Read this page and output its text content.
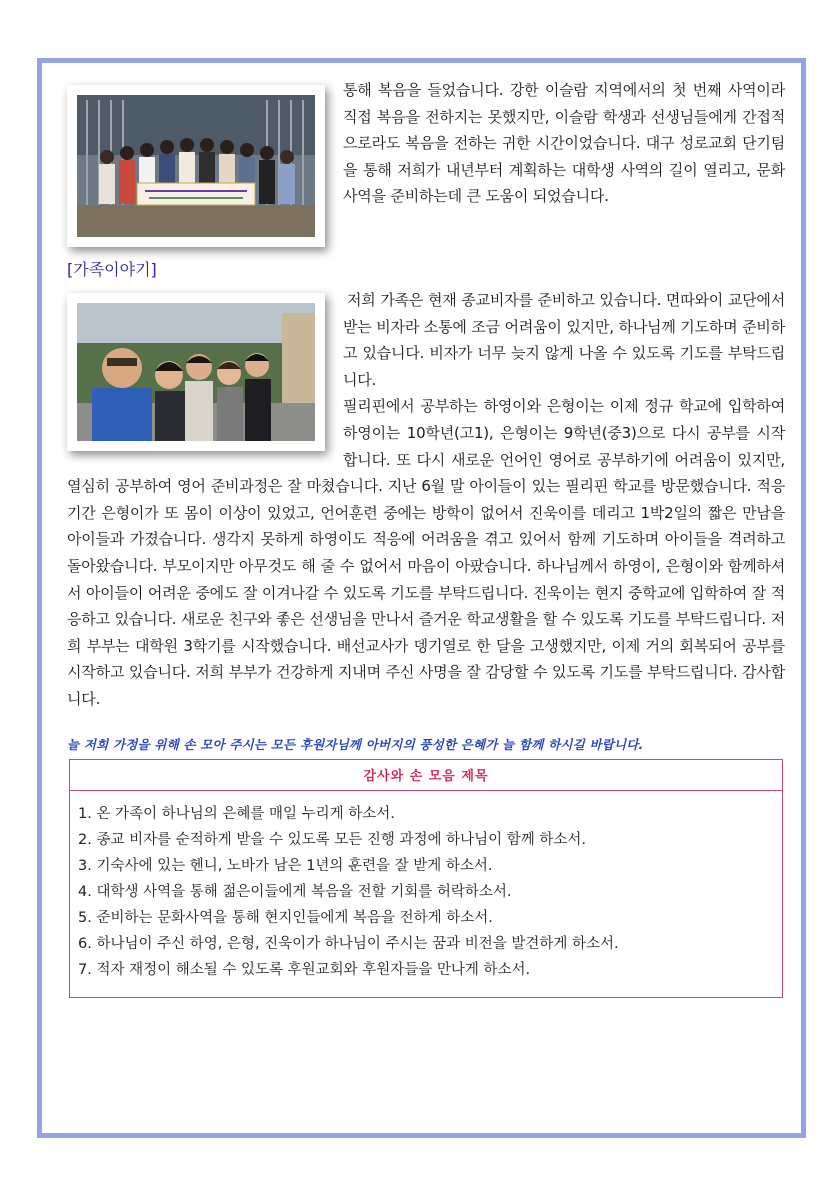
통해 복음을 들었습니다. 강한 이슬람 지역에서의 첫 번째 사역이라 직접 복음을 전하지는 못했지만, 이슬람 학생과 선생님들에게 간접적으로라도 복음을 전하는 귀한 시간이었습니다. 대구 성로교회 단기팀을 통해 저희가 내년부터 계획하는 대학생 사역의 길이 열리고, 문화사역을 준비하는데 큰 도움이 되었습니다.

[가족이야기]

저희 가족은 현재 종교비자를 준비하고 있습니다. 면따와이 교단에서 받는 비자라 소통에 조금 어려움이 있지만, 하나님께 기도하며 준비하고 있습니다. 비자가 너무 늦지 않게 나올 수 있도록 기도를 부탁드립니다.

필리핀에서 공부하는 하영이와 은형이는 이제 정규 학교에 입학하여 하영이는 10학년(고1), 은형이는 9학년(중3)으로 다시 공부를 시작합니다. 또 다시 새로운 언어인 영어로 공부하기에 어려움이 있지만, 열심히 공부하여 영어 준비과정은 잘 마쳤습니다. 지난 6월 말 아이들이 있는 필리핀 학교를 방문했습니다. 적응기간 은형이가 또 몸이 이상이 있었고, 언어훈련 중에는 방학이 없어서 진욱이를 데리고 1박2일의 짧은 만남을 아이들과 가졌습니다. 생각지 못하게 하영이도 적응에 어려움을 겪고 있어서 함께 기도하며 아이들을 격려하고 돌아왔습니다. 부모이지만 아무것도 해 줄 수 없어서 마음이 아팠습니다. 하나님께서 하영이, 은형이와 함께하셔서 아이들이 어려운 중에도 잘 이겨나갈 수 있도록 기도를 부탁드립니다. 진욱이는 현지 중학교에 입학하여 잘 적응하고 있습니다. 새로운 친구와 좋은 선생님을 만나서 즐거운 학교생활을 할 수 있도록 기도를 부탁드립니다. 저희 부부는 대학원 3학기를 시작했습니다. 배선교사가 뎅기열로 한 달을 고생했지만, 이제 거의 회복되어 공부를 시작하고 있습니다. 저희 부부가 건강하게 지내며 주신 사명을 잘 감당할 수 있도록 기도를 부탁드립니다. 감사합니다.

늘 저희 가정을 위해 손 모아 주시는 모든 후원자님께 아버지의 풍성한 은혜가 늘 함께 하시길 바랍니다.
감사와 손 모음 제목
1. 온 가족이 하나님의 은혜를 매일 누리게 하소서.
2. 종교 비자를 순적하게 받을 수 있도록 모든 진행 과정에 하나님이 함께 하소서.
3. 기숙사에 있는 헨니, 노바가 남은 1년의 훈련을 잘 받게 하소서.
4. 대학생 사역을 통해 젊은이들에게 복음을 전할 기회를 허락하소서.
5. 준비하는 문화사역을 통해 현지인들에게 복음을 전하게 하소서.
6. 하나님이 주신 하영, 은형, 진욱이가 하나님이 주시는 꿈과 비전을 발견하게 하소서.
7. 적자 재정이 해소될 수 있도록 후원교회와 후원자들을 만나게 하소서.
